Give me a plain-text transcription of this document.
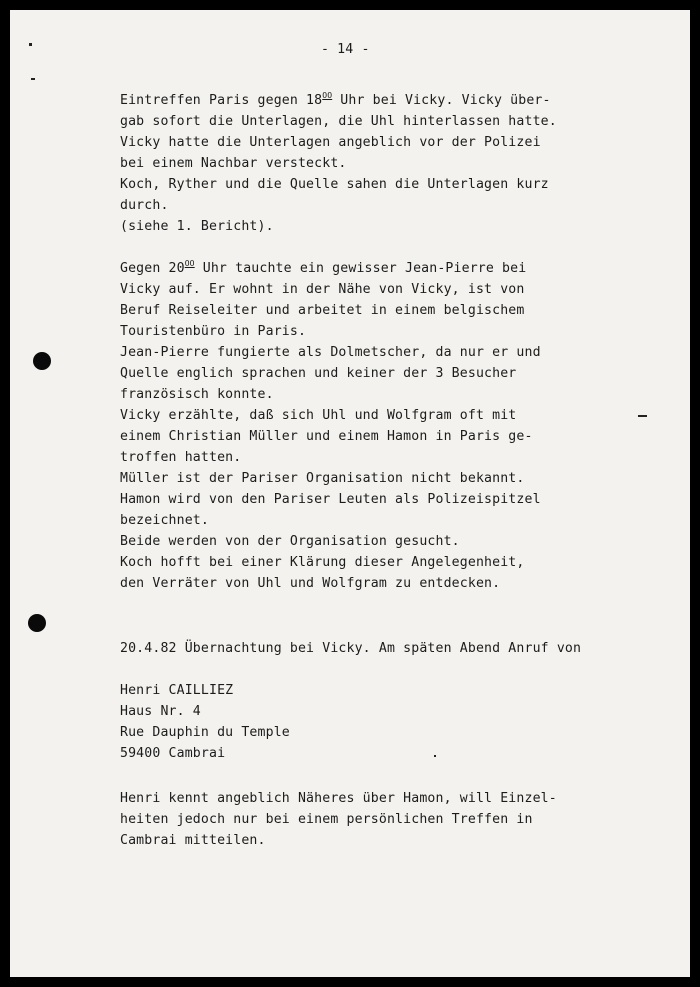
- 14 -
Eintreffen Paris gegen $18^{OO}$ Uhr bei Vicky. Vicky über-
gab sofort die Unterlagen, die Uhl hinterlassen hatte.
Vicky hatte die Unterlagen angeblich vor der Polizei
bei einem Nachbar versteckt.
Koch, Ryther und die Quelle sahen die Unterlagen kurz
durch.
(siehe 1. Bericht).
Gegen $20^{OO}$ Uhr tauchte ein gewisser Jean-Pierre bei
Vicky auf. Er wohnt in der Nähe von Vicky, ist von
Beruf Reiseleiter und arbeitet in einem belgischem
Touristenbüro in Paris.
Jean-Pierre fungierte als Dolmetscher, da nur er und
Quelle englich sprachen und keiner der 3 Besucher
französisch konnte.
Vicky erzählte, daß sich Uhl und Wolfgram oft mit
einem Christian Müller und einem Hamon in Paris ge-
troffen hatten.
Müller ist der Pariser Organisation nicht bekannt.
Hamon wird von den Pariser Leuten als Polizeispitzel
bezeichnet.
Beide werden von der Organisation gesucht.
Koch hofft bei einer Klärung dieser Angelegenheit,
den Verräter von Uhl und Wolfgram zu entdecken.
20.4.82 Übernachtung bei Vicky. Am späten Abend Anruf von
Henri CAILLIEZ
Haus Nr. 4
Rue Dauphin du Temple
59400 Cambrai
Henri kennt angeblich Näheres über Hamon, will Einzel-
heiten jedoch nur bei einem persönlichen Treffen in
Cambrai mitteilen.
